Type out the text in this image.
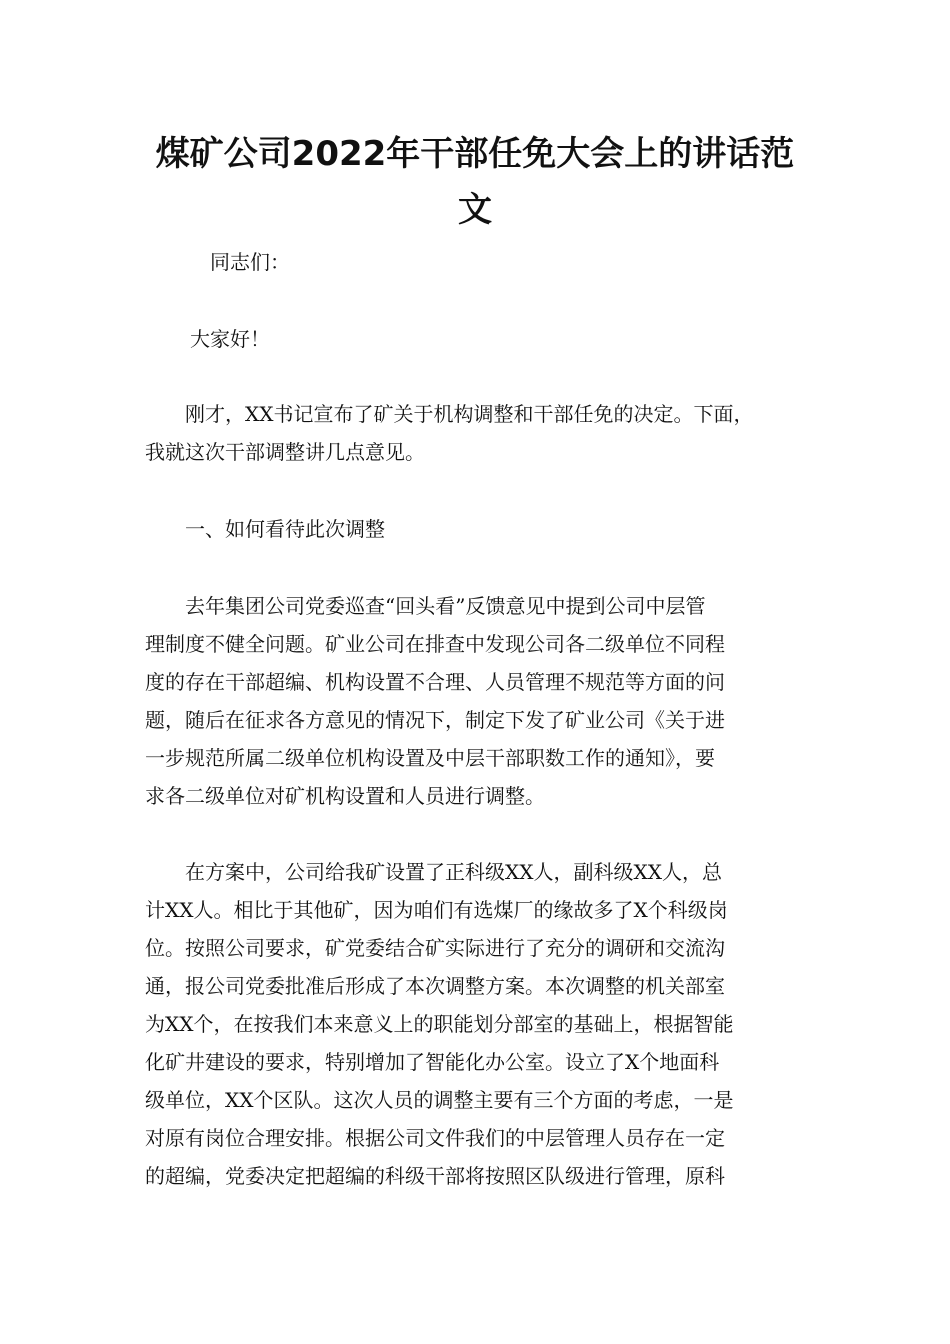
煤矿公司2022年干部任免大会上的讲话范
文

同志们：

大家好！

　　刚才，XX书记宣布了矿关于机构调整和干部任免的决定。下面，
我就这次干部调整讲几点意见。

　　一、如何看待此次调整

　　去年集团公司党委巡查“回头看”反馈意见中提到公司中层管
理制度不健全问题。矿业公司在排查中发现公司各二级单位不同程
度的存在干部超编、机构设置不合理、人员管理不规范等方面的问
题，随后在征求各方意见的情况下，制定下发了矿业公司《关于进
一步规范所属二级单位机构设置及中层干部职数工作的通知》，要
求各二级单位对矿机构设置和人员进行调整。
　　在方案中，公司给我矿设置了正科级XX人，副科级XX人，总
计XX人。相比于其他矿，因为咱们有选煤厂的缘故多了X个科级岗
位。按照公司要求，矿党委结合矿实际进行了充分的调研和交流沟
通，报公司党委批准后形成了本次调整方案。本次调整的机关部室
为XX个，在按我们本来意义上的职能划分部室的基础上，根据智能
化矿井建设的要求，特别增加了智能化办公室。设立了X个地面科
级单位，XX个区队。这次人员的调整主要有三个方面的考虑，一是
对原有岗位合理安排。根据公司文件我们的中层管理人员存在一定
的超编，党委决定把超编的科级干部将按照区队级进行管理，原科
